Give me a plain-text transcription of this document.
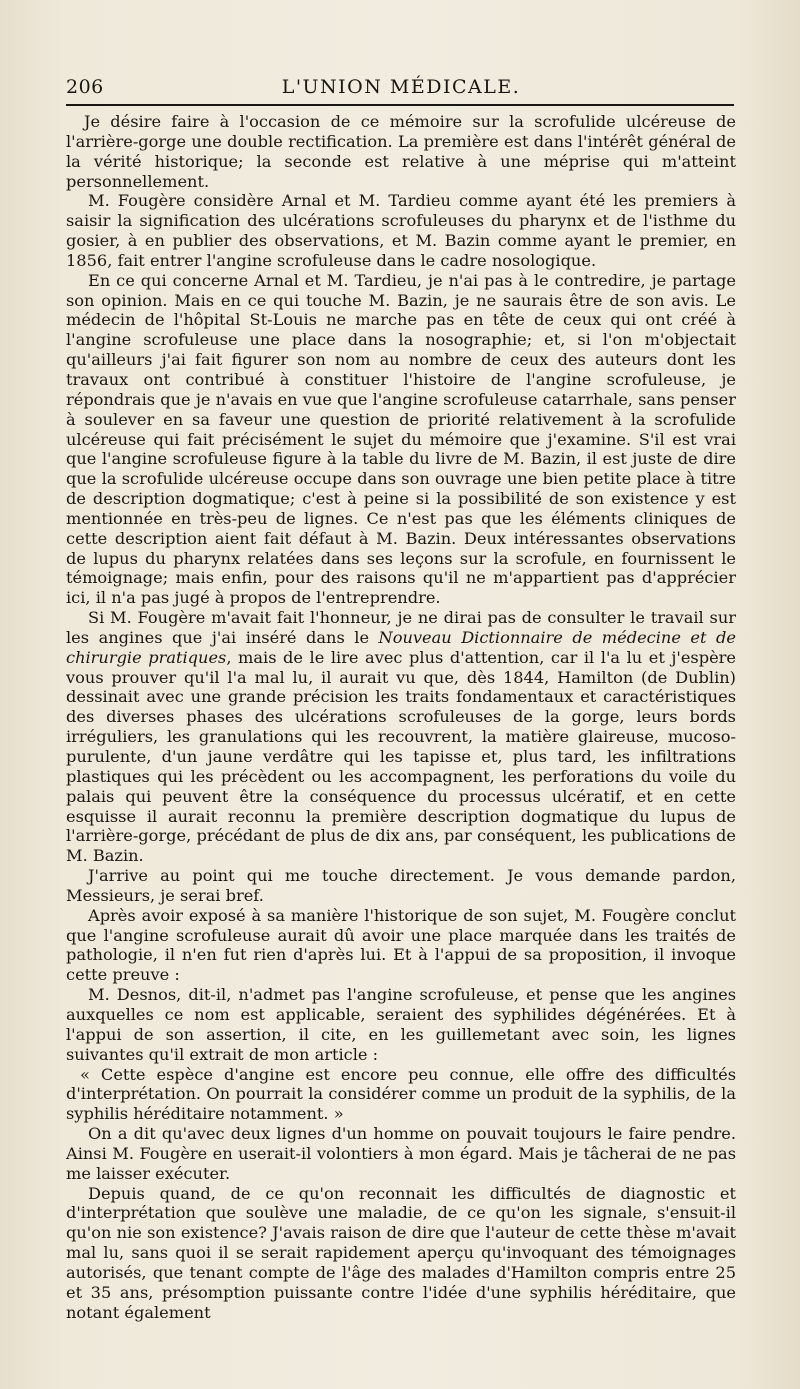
206	L'UNION MÉDICALE.

Je désire faire à l'occasion de ce mémoire sur la scrofulide ulcéreuse de l'arrière-gorge une double rectification. La première est dans l'intérêt général de la vérité historique; la seconde est relative à une méprise qui m'atteint personnellement.

M. Fougère considère Arnal et M. Tardieu comme ayant été les premiers à saisir la signification des ulcérations scrofuleuses du pharynx et de l'isthme du gosier, à en publier des observations, et M. Bazin comme ayant le premier, en 1856, fait entrer l'angine scrofuleuse dans le cadre nosologique.

En ce qui concerne Arnal et M. Tardieu, je n'ai pas à le contredire, je partage son opinion. Mais en ce qui touche M. Bazin, je ne saurais être de son avis. Le médecin de l'hôpital St-Louis ne marche pas en tête de ceux qui ont créé à l'angine scrofuleuse une place dans la nosographie; et, si l'on m'objectait qu'ailleurs j'ai fait figurer son nom au nombre de ceux des auteurs dont les travaux ont contribué à constituer l'histoire de l'angine scrofuleuse, je répondrais que je n'avais en vue que l'angine scrofuleuse catarrhale, sans penser à soulever en sa faveur une question de priorité relativement à la scrofulide ulcéreuse qui fait précisément le sujet du mémoire que j'examine. S'il est vrai que l'angine scrofuleuse figure à la table du livre de M. Bazin, il est juste de dire que la scrofulide ulcéreuse occupe dans son ouvrage une bien petite place à titre de description dogmatique; c'est à peine si la possibilité de son existence y est mentionnée en très-peu de lignes. Ce n'est pas que les éléments cliniques de cette description aient fait défaut à M. Bazin. Deux intéressantes observations de lupus du pharynx relatées dans ses leçons sur la scrofule, en fournissent le témoignage; mais enfin, pour des raisons qu'il ne m'appartient pas d'apprécier ici, il n'a pas jugé à propos de l'entreprendre.

Si M. Fougère m'avait fait l'honneur, je ne dirai pas de consulter le travail sur les angines que j'ai inséré dans le Nouveau Dictionnaire de médecine et de chirurgie pratiques, mais de le lire avec plus d'attention, car il l'a lu et j'espère vous prouver qu'il l'a mal lu, il aurait vu que, dès 1844, Hamilton (de Dublin) dessinait avec une grande précision les traits fondamentaux et caractéristiques des diverses phases des ulcérations scrofuleuses de la gorge, leurs bords irréguliers, les granulations qui les recouvrent, la matière glaireuse, mucoso-purulente, d'un jaune verdâtre qui les tapisse et, plus tard, les infiltrations plastiques qui les précèdent ou les accompagnent, les perforations du voile du palais qui peuvent être la conséquence du processus ulcératif, et en cette esquisse il aurait reconnu la première description dogmatique du lupus de l'arrière-gorge, précédant de plus de dix ans, par conséquent, les publications de M. Bazin.

J'arrive au point qui me touche directement. Je vous demande pardon, Messieurs, je serai bref.

Après avoir exposé à sa manière l'historique de son sujet, M. Fougère conclut que l'angine scrofuleuse aurait dû avoir une place marquée dans les traités de pathologie, il n'en fut rien d'après lui. Et à l'appui de sa proposition, il invoque cette preuve :

M. Desnos, dit-il, n'admet pas l'angine scrofuleuse, et pense que les angines auxquelles ce nom est applicable, seraient des syphilides dégénérées. Et à l'appui de son assertion, il cite, en les guillemetant avec soin, les lignes suivantes qu'il extrait de mon article :

« Cette espèce d'angine est encore peu connue, elle offre des difficultés d'interprétation. On pourrait la considérer comme un produit de la syphilis, de la syphilis héréditaire notamment. »

On a dit qu'avec deux lignes d'un homme on pouvait toujours le faire pendre. Ainsi M. Fougère en userait-il volontiers à mon égard. Mais je tâcherai de ne pas me laisser exécuter.

Depuis quand, de ce qu'on reconnait les difficultés de diagnostic et d'interprétation que soulève une maladie, de ce qu'on les signale, s'ensuit-il qu'on nie son existence? J'avais raison de dire que l'auteur de cette thèse m'avait mal lu, sans quoi il se serait rapidement aperçu qu'invoquant des témoignages autorisés, que tenant compte de l'âge des malades d'Hamilton compris entre 25 et 35 ans, présomption puissante contre l'idée d'une syphilis héréditaire, que notant également
